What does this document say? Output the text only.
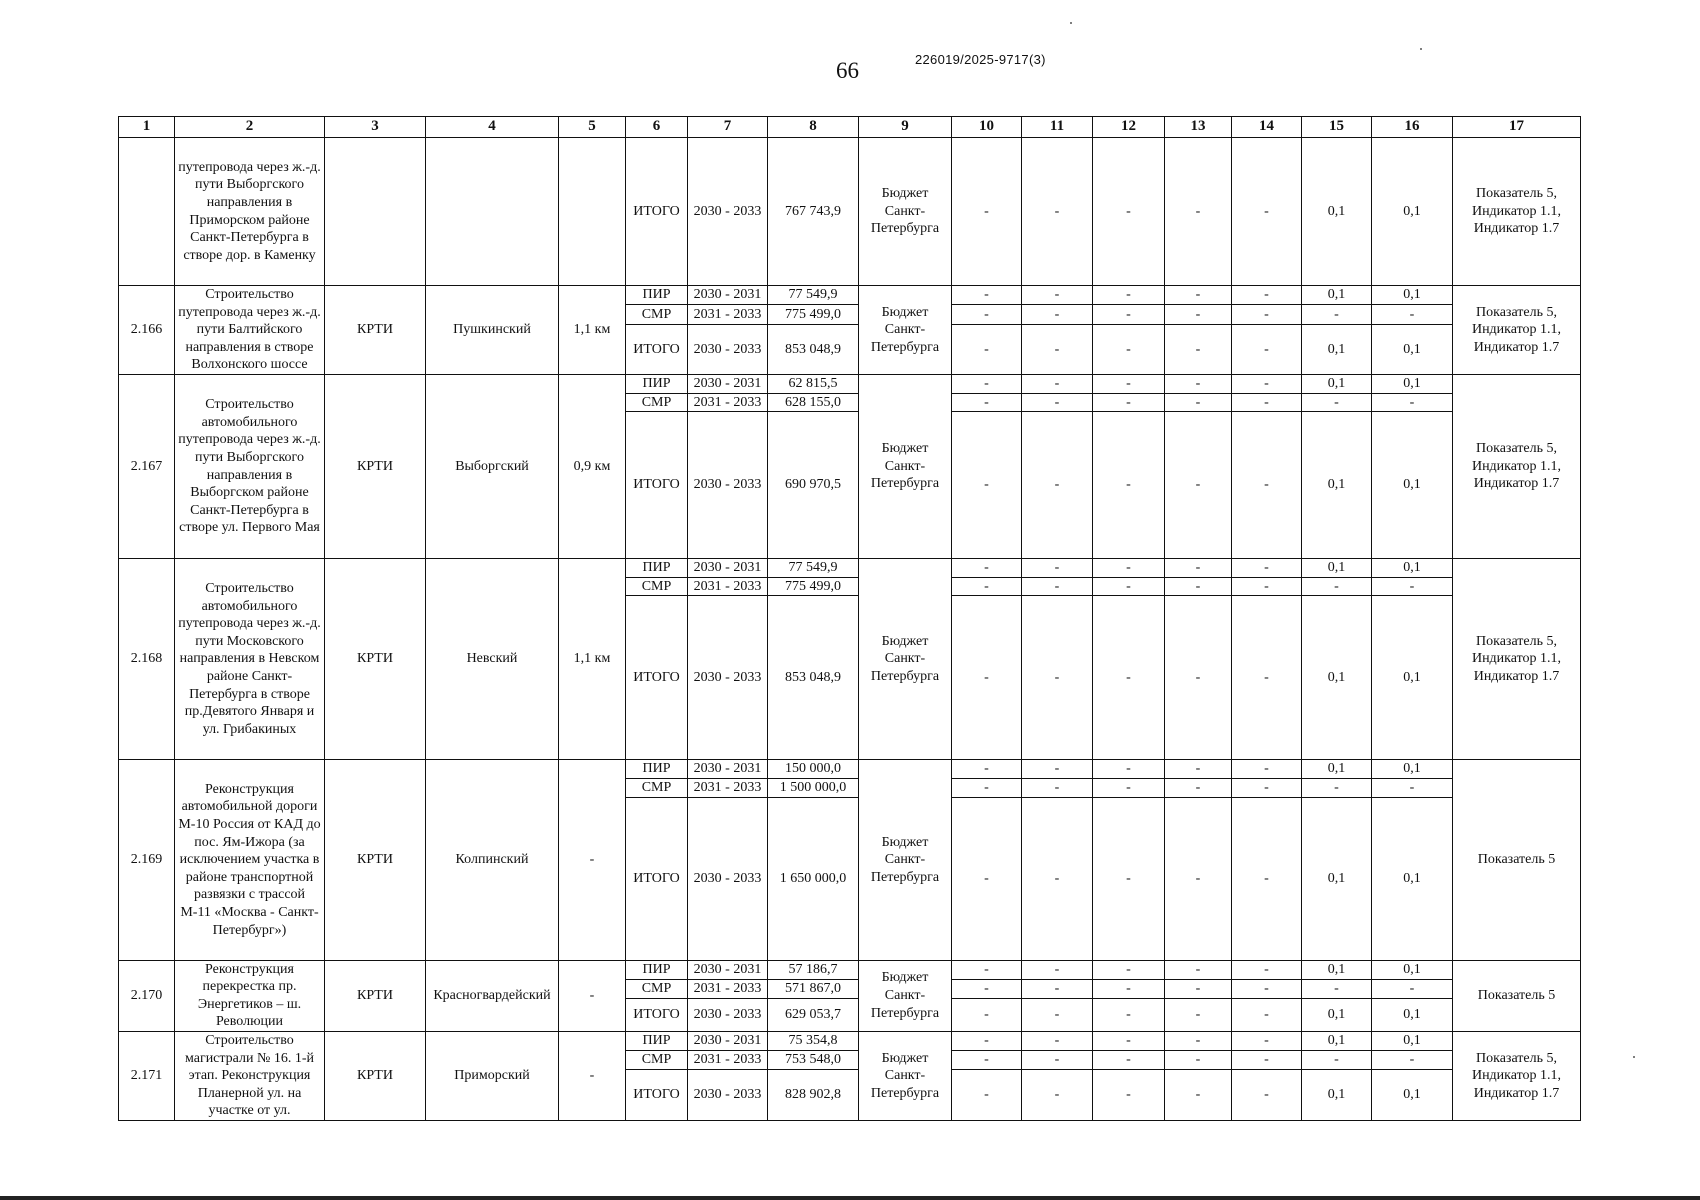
66	226019/2025-9717(3)
1	2	3	4	5	6	7	8	9	10	11	12	13	14	15	16	17
	путепровода через ж.-д. пути Выборгского направления в Приморском районе Санкт-Петербурга в створе дор. в Каменку				ИТОГО	2030 - 2033	767 743,9	Бюджет Санкт-Петербурга	-	-	-	-	-	0,1	0,1	Показатель 5, Индикатор 1.1, Индикатор 1.7
2.166	Строительство путепровода через ж.-д. пути Балтийского направления в створе Волхонского шоссе	КРТИ	Пушкинский	1,1 км	ПИР	2030 - 2031	77 549,9	Бюджет Санкт-Петербурга	-	-	-	-	-	0,1	0,1	Показатель 5, Индикатор 1.1, Индикатор 1.7
					СМР	2031 - 2033	775 499,0		-	-	-	-	-	-	-	
					ИТОГО	2030 - 2033	853 048,9		-	-	-	-	-	0,1	0,1	
2.167	Строительство автомобильного путепровода через ж.-д. пути Выборгского направления в Выборгском районе Санкт-Петербурга в створе ул. Первого Мая	КРТИ	Выборгский	0,9 км	ПИР	2030 - 2031	62 815,5	Бюджет Санкт-Петербурга	-	-	-	-	-	0,1	0,1	Показатель 5, Индикатор 1.1, Индикатор 1.7
					СМР	2031 - 2033	628 155,0		-	-	-	-	-	-	-	
					ИТОГО	2030 - 2033	690 970,5		-	-	-	-	-	0,1	0,1	
2.168	Строительство автомобильного путепровода через ж.-д. пути Московского направления в Невском районе Санкт-Петербурга в створе пр.Девятого Января и ул. Грибакиных	КРТИ	Невский	1,1 км	ПИР	2030 - 2031	77 549,9	Бюджет Санкт-Петербурга	-	-	-	-	-	0,1	0,1	Показатель 5, Индикатор 1.1, Индикатор 1.7
					СМР	2031 - 2033	775 499,0		-	-	-	-	-	-	-	
					ИТОГО	2030 - 2033	853 048,9		-	-	-	-	-	0,1	0,1	
2.169	Реконструкция автомобильной дороги М-10 Россия от КАД до пос. Ям-Ижора (за исключением участка в районе транспортной развязки с трассой М-11 «Москва - Санкт-Петербург»)	КРТИ	Колпинский	-	ПИР	2030 - 2031	150 000,0	Бюджет Санкт-Петербурга	-	-	-	-	-	0,1	0,1	Показатель 5
					СМР	2031 - 2033	1 500 000,0		-	-	-	-	-	-	-	
					ИТОГО	2030 - 2033	1 650 000,0		-	-	-	-	-	0,1	0,1	
2.170	Реконструкция перекрестка пр. Энергетиков – ш. Революции	КРТИ	Красногвардейский	-	ПИР	2030 - 2031	57 186,7	Бюджет Санкт-Петербурга	-	-	-	-	-	0,1	0,1	Показатель 5
					СМР	2031 - 2033	571 867,0		-	-	-	-	-	-	-	
					ИТОГО	2030 - 2033	629 053,7		-	-	-	-	-	0,1	0,1	
2.171	Строительство магистрали № 16. 1-й этап. Реконструкция Планерной ул. на участке от ул.	КРТИ	Приморский	-	ПИР	2030 - 2031	75 354,8	Бюджет Санкт-Петербурга	-	-	-	-	-	0,1	0,1	Показатель 5, Индикатор 1.1, Индикатор 1.7
					СМР	2031 - 2033	753 548,0		-	-	-	-	-	-	-	
					ИТОГО	2030 - 2033	828 902,8		-	-	-	-	-	0,1	0,1	
